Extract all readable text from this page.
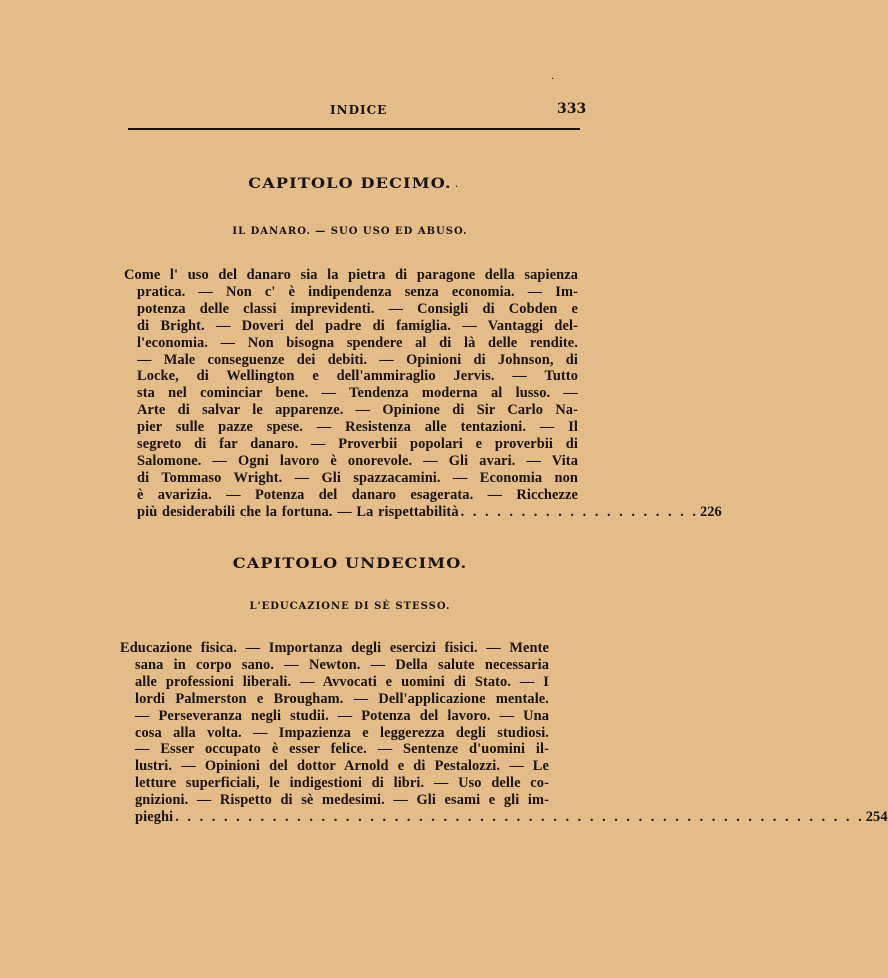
INDICE	333
CAPITOLO DECIMO.
IL DANARO. — SUO USO ED ABUSO.
Come l' uso del danaro sia la pietra di paragone della sapienza
pratica. — Non c' è indipendenza senza economia. — Im-
potenza delle classi imprevidenti. — Consigli di Cobden e
di Bright. — Doveri del padre di famiglia. — Vantaggi del-
l'economia. — Non bisogna spendere al di là delle rendite.
— Male conseguenze dei debiti. — Opinioni di Johnson, di
Locke, di Wellington e dell'ammiraglio Jervis. — Tutto
sta nel cominciar bene. — Tendenza moderna al lusso. —
Arte di salvar le apparenze. — Opinione di Sir Carlo Na-
pier sulle pazze spese. — Resistenza alle tentazioni. — Il
segreto di far danaro. — Proverbii popolari e proverbii di
Salomone. — Ogni lavoro è onorevole. — Gli avari. — Vita
di Tommaso Wright. — Gli spazzacamini. — Economia non
è avarizia. — Potenza del danaro esagerata. — Ricchezze
più desiderabili che la fortuna. — La rispettabilità . . . . . . . . . . . . . . . . . . . . 226
CAPITOLO UNDECIMO.
L'EDUCAZIONE DI SÈ STESSO.
Educazione fisica. — Importanza degli esercizi fisici. — Mente
sana in corpo sano. — Newton. — Della salute necessaria
alle professioni liberali. — Avvocati e uomini di Stato. — I
lordi Palmerston e Brougham. — Dell'applicazione mentale.
— Perseveranza negli studii. — Potenza del lavoro. — Una
cosa alla volta. — Impazienza e leggerezza degli studiosi.
— Esser occupato è esser felice. — Sentenze d'uomini il-
lustri. — Opinioni del dottor Arnold e di Pestalozzi. — Le
letture superficiali, le indigestioni di libri. — Uso delle co-
gnizioni. — Rispetto di sè medesimi. — Gli esami e gli im-
pieghi . . . . . . . . . . . . . . . . . . . . . . . . . . . . . . . . . . . . . . . . . . . . . . . . . . . . . . . . . 254
·
·
